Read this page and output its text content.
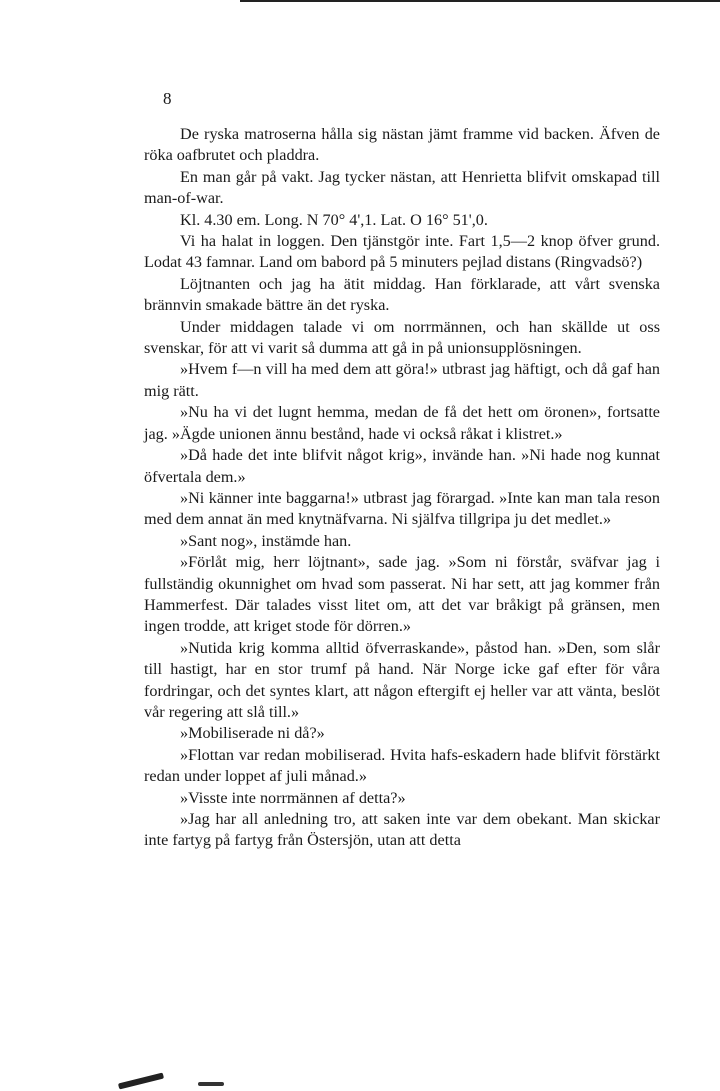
8

De ryska matroserna hålla sig nästan jämt framme vid backen. Äfven de röka oafbrutet och pladdra.

En man går på vakt. Jag tycker nästan, att Henrietta blifvit omskapad till man-of-war.

Kl. 4.30 em. Long. N 70° 4',1. Lat. O 16° 51',0.

Vi ha halat in loggen. Den tjänstgör inte. Fart 1,5—2 knop öfver grund. Lodat 43 famnar. Land om babord på 5 minuters pejlad distans (Ringvadsö?)

Löjtnanten och jag ha ätit middag. Han förklarade, att vårt svenska brännvin smakade bättre än det ryska.

Under middagen talade vi om norrmännen, och han skällde ut oss svenskar, för att vi varit så dumma att gå in på unionsupplösningen.

»Hvem f—n vill ha med dem att göra!» utbrast jag häftigt, och då gaf han mig rätt.

»Nu ha vi det lugnt hemma, medan de få det hett om öronen», fortsatte jag. »Ägde unionen ännu bestånd, hade vi också råkat i klistret.»

»Då hade det inte blifvit något krig», invände han. »Ni hade nog kunnat öfvertala dem.»

»Ni känner inte baggarna!» utbrast jag förargad. »Inte kan man tala reson med dem annat än med knytnäfvarna. Ni själfva tillgripa ju det medlet.»

»Sant nog», instämde han.

»Förlåt mig, herr löjtnant», sade jag. »Som ni förstår, sväfvar jag i fullständig okunnighet om hvad som passerat. Ni har sett, att jag kommer från Hammerfest. Där talades visst litet om, att det var bråkigt på gränsen, men ingen trodde, att kriget stode för dörren.»

»Nutida krig komma alltid öfverraskande», påstod han. »Den, som slår till hastigt, har en stor trumf på hand. När Norge icke gaf efter för våra fordringar, och det syntes klart, att någon eftergift ej heller var att vänta, beslöt vår regering att slå till.»

»Mobiliserade ni då?»

»Flottan var redan mobiliserad. Hvita hafs-eskadern hade blifvit förstärkt redan under loppet af juli månad.»

»Visste inte norrmännen af detta?»

»Jag har all anledning tro, att saken inte var dem obekant. Man skickar inte fartyg på fartyg från Östersjön, utan att detta
